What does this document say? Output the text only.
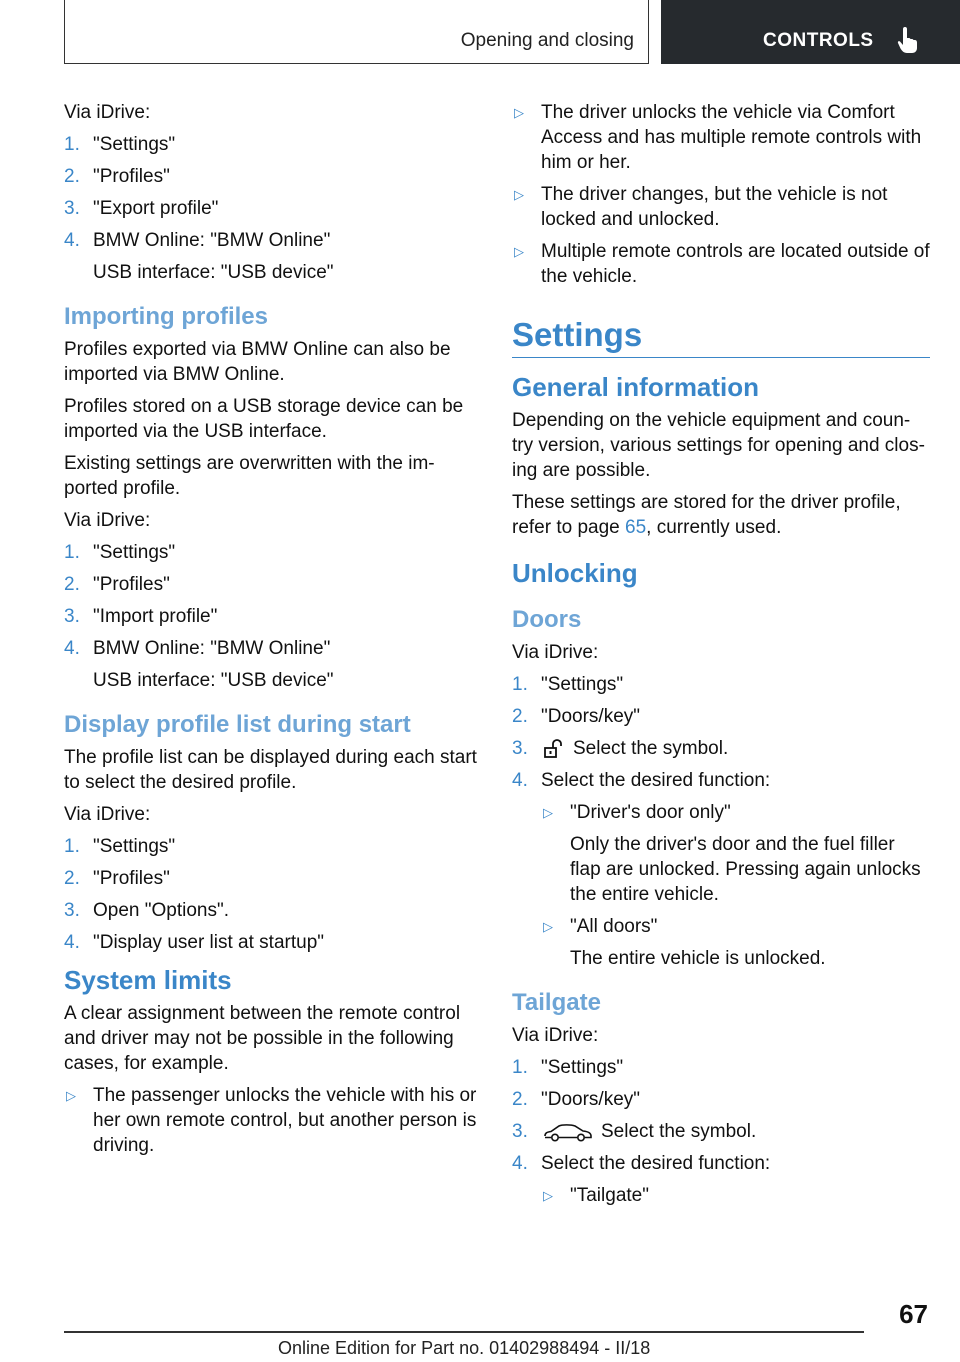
Opening and closing	CONTROLS

Via iDrive:

1. "Settings"
2. "Profiles"
3. "Export profile"
4. BMW Online: "BMW Online"
USB interface: "USB device"
Importing profiles

Profiles exported via BMW Online can also be imported via BMW Online.

Profiles stored on a USB storage device can be imported via the USB interface.

Existing settings are overwritten with the im‐ported profile.

Via iDrive:

1. "Settings"
2. "Profiles"
3. "Import profile"
4. BMW Online: "BMW Online"
USB interface: "USB device"
Display profile list during start

The profile list can be displayed during each start to select the desired profile.

Via iDrive:

1. "Settings"
2. "Profiles"
3. Open "Options".
4. "Display user list at startup"
System limits

A clear assignment between the remote control and driver may not be possible in the following cases, for example.

▷ The passenger unlocks the vehicle with his or her own remote control, but another person is driving.
▷ The driver unlocks the vehicle via Comfort Access and has multiple remote controls with him or her.
▷ The driver changes, but the vehicle is not locked and unlocked.
▷ Multiple remote controls are located outside of the vehicle.
Settings
General information

Depending on the vehicle equipment and coun‐try version, various settings for opening and clos‐ing are possible.

These settings are stored for the driver profile, refer to page 65, currently used.

Unlocking
Doors

Via iDrive:

1. "Settings"
2. "Doors/key"
3.	Select the symbol.
4. Select the desired function:
▷ "Driver's door only"
Only the driver's door and the fuel filler flap are unlocked. Pressing again unlocks the entire vehicle.
▷ "All doors"
The entire vehicle is unlocked.
Tailgate

Via iDrive:

1. "Settings"
2. "Doors/key"
3.	Select the symbol.
4. Select the desired function:
▷ "Tailgate"
67
Online Edition for Part no. 01402988494 - II/18
